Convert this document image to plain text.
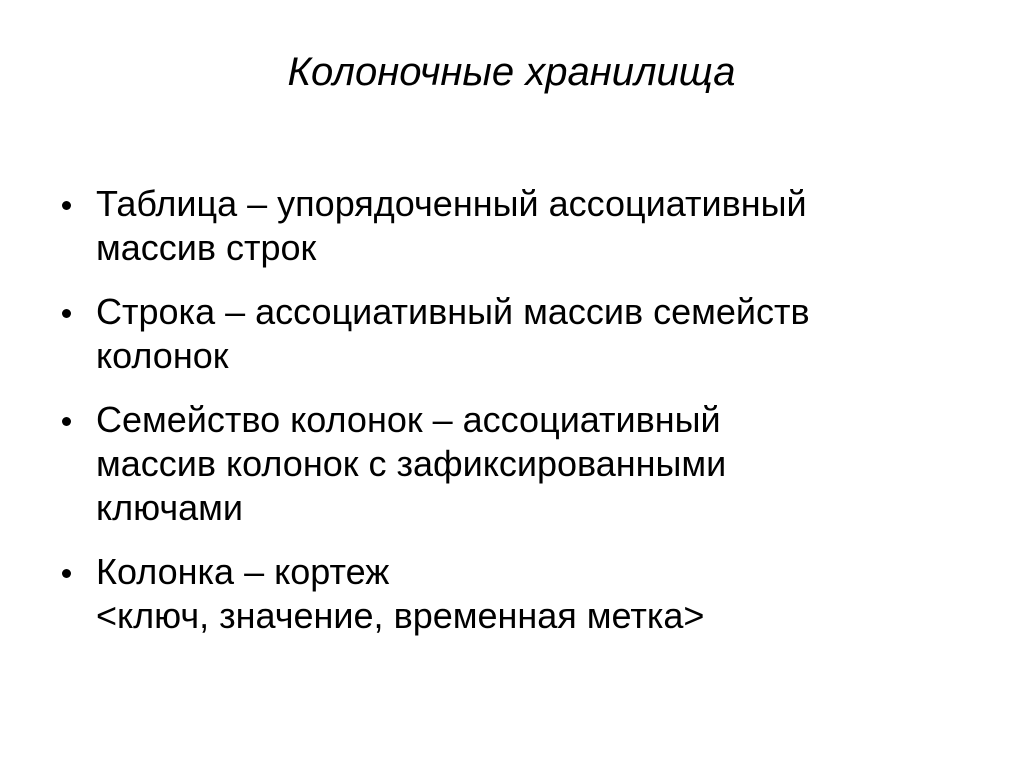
Колоночные хранилища
Таблица – упорядоченный ассоциативный
массив строк
Строка – ассоциативный массив семейств
колонок
Семейство колонок – ассоциативный
массив колонок с зафиксированными
ключами
Колонка – кортеж
<ключ, значение, временная метка>
